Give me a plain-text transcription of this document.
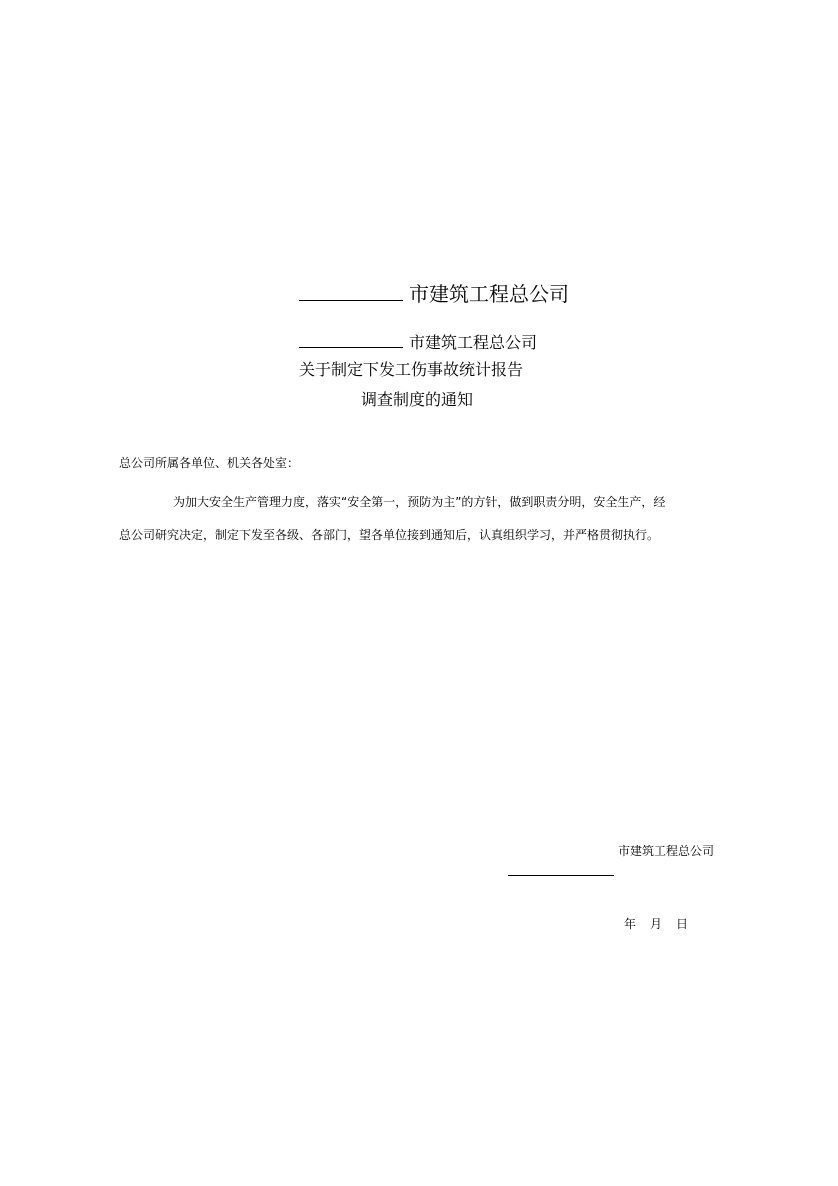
市建筑工程总公司
市建筑工程总公司
关于制定下发工伤事故统计报告
调查制度的通知
总公司所属各单位、机关各处室：
为加大安全生产管理力度，落实“安全第一，预防为主”的方针，做到职责分明，安全生产，经总公司研究决定，制定下发至各级、各部门，望各单位接到通知后，认真组织学习，并严格贯彻执行。
市建筑工程总公司
年 月 日
